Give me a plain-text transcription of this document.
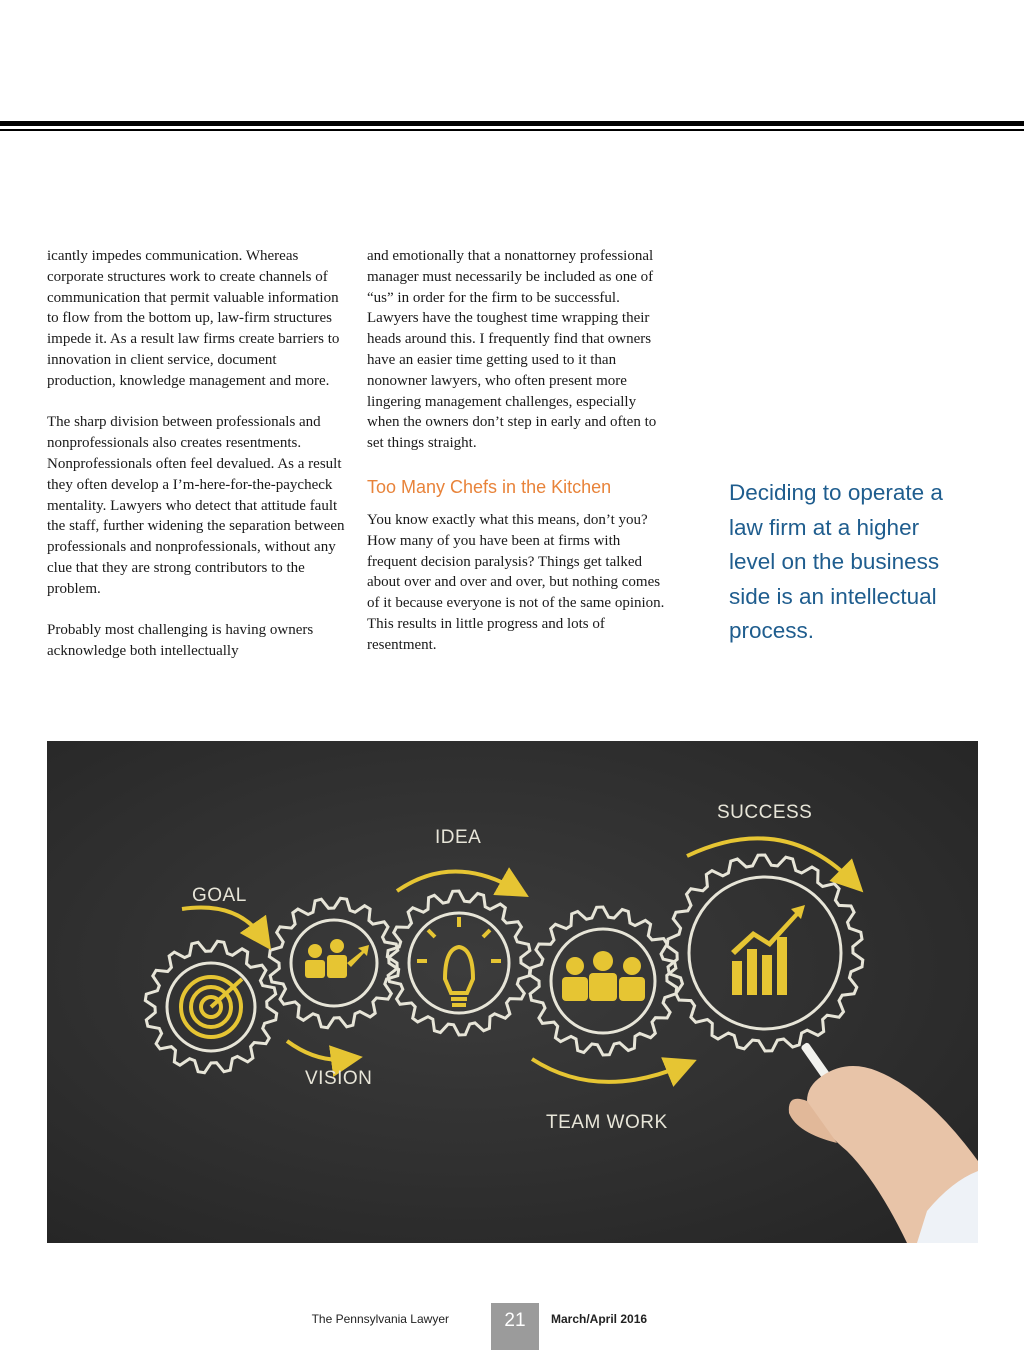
icantly impedes communication. Whereas corporate structures work to create channels of communication that permit valuable information to flow from the bottom up, law-firm structures impede it. As a result law firms create barriers to innovation in client service, document production, knowledge management and more.

The sharp division between professionals and nonprofessionals also creates resentments. Nonprofessionals often feel devalued. As a result they often develop a I’m-here-for-the-paycheck mentality. Lawyers who detect that attitude fault the staff, further widening the separation between professionals and nonprofessionals, without any clue that they are strong contributors to the problem.

Probably most challenging is having owners acknowledge both intellectually

and emotionally that a nonattorney professional manager must necessarily be included as one of “us” in order for the firm to be successful. Lawyers have the toughest time wrapping their heads around this. I frequently find that owners have an easier time getting used to it than nonowner lawyers, who often present more lingering management challenges, especially when the owners don’t step in early and often to set things straight.

Too Many Chefs in the Kitchen

You know exactly what this means, don’t you? How many of you have been at firms with frequent decision paralysis? Things get talked about over and over and over, but nothing comes of it because everyone is not of the same opinion. This results in little progress and lots of resentment.

Deciding to operate a law firm at a higher level on the business side is an intellectual process.
GOAL
VISION
IDEA
TEAM WORK
SUCCESS
The Pennsylvania Lawyer	21	March/April 2016
